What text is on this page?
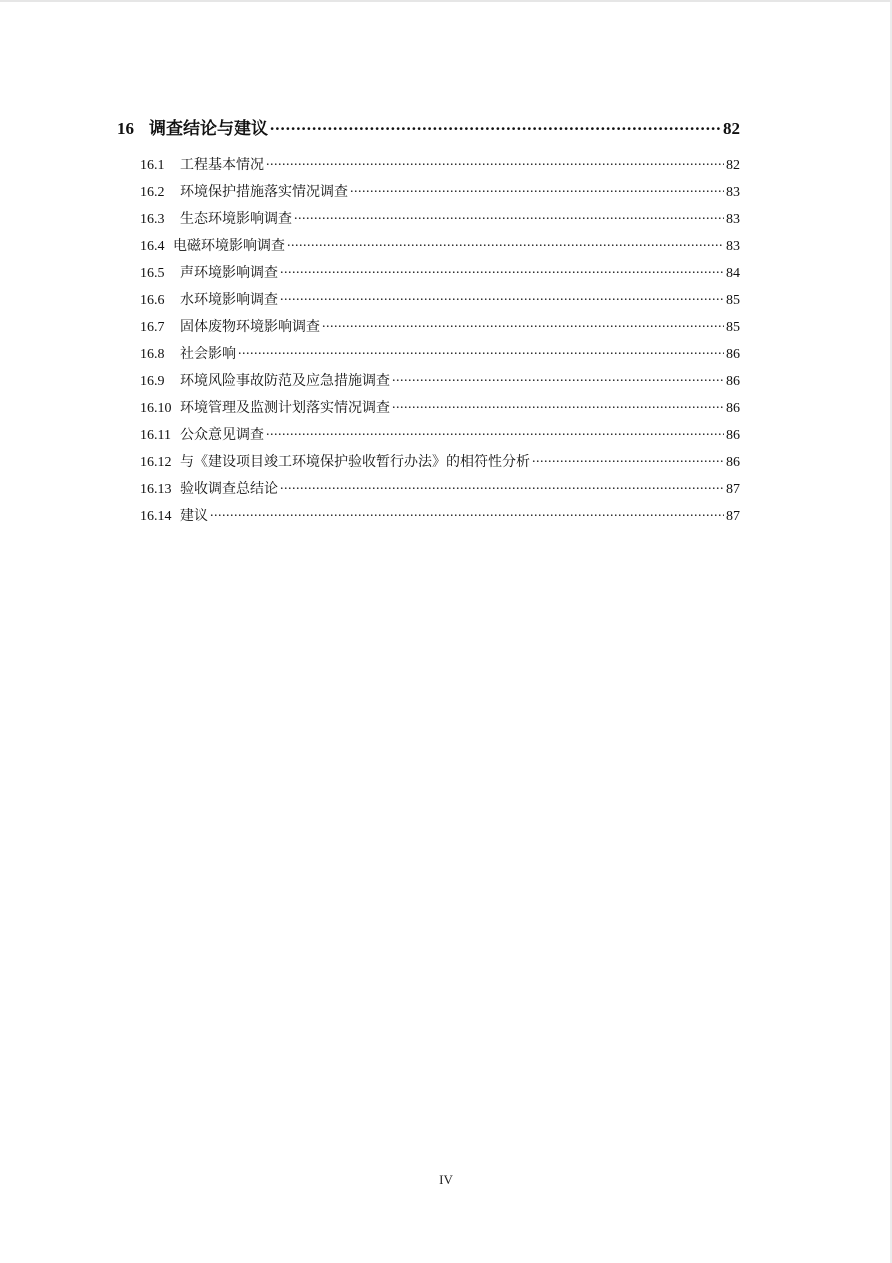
16 调查结论与建议 .....	82
16.1	工程基本情况 .....	82
16.2	环境保护措施落实情况调查 .....	83
16.3	生态环境影响调查 .....	83
16.4 电磁环境影响调查 .....	83
16.5	声环境影响调查 .....	84
16.6	水环境影响调查 .....	85
16.7	固体废物环境影响调查 .....	85
16.8	社会影响 .....	86
16.9	环境风险事故防范及应急措施调查 .....	86
16.10 环境管理及监测计划落实情况调查 .....	86
16.11 公众意见调查 .....	86
16.12 与《建设项目竣工环境保护验收暂行办法》的相符性分析 .....	86
16.13 验收调查总结论 .....	87
16.14 建议 .....	87
IV
